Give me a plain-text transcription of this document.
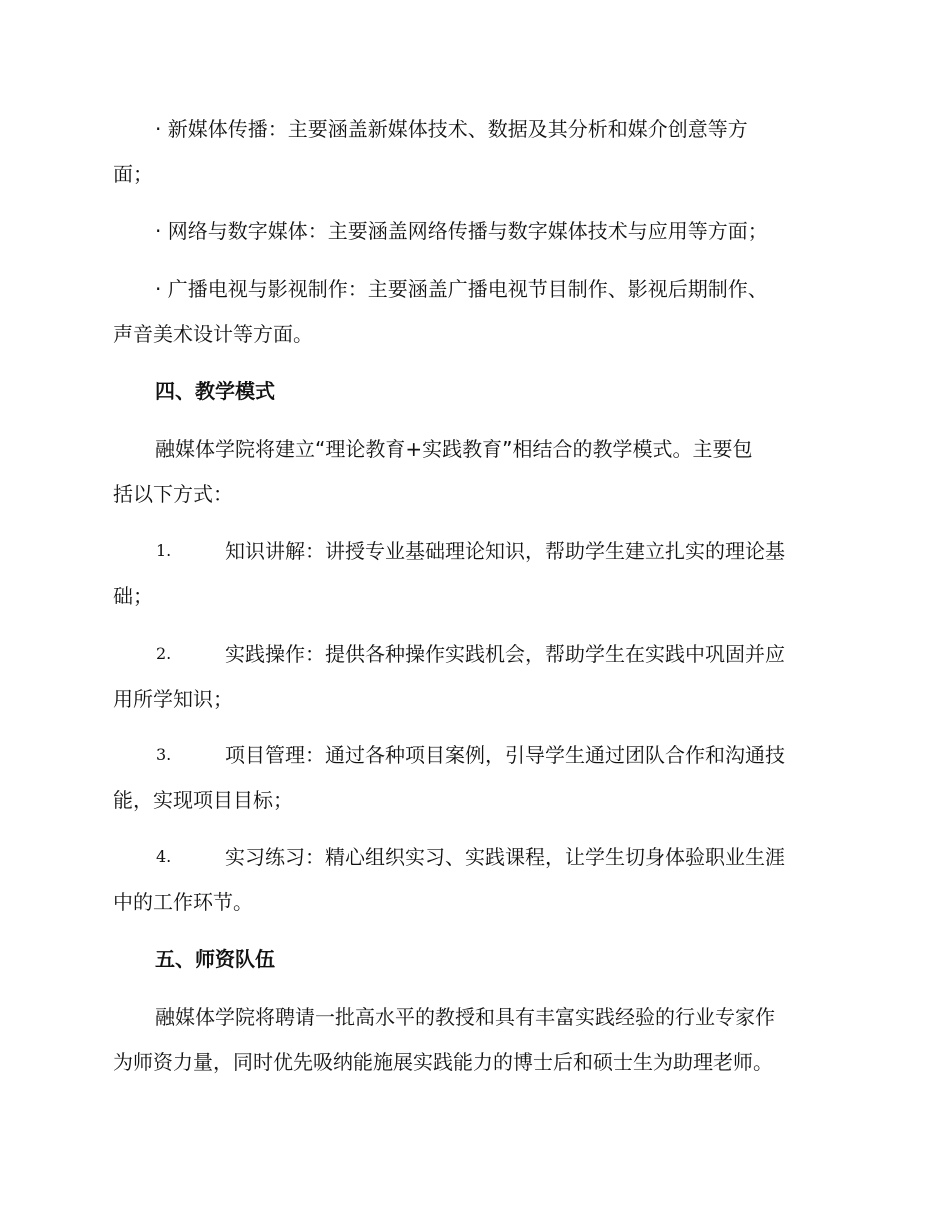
· 新媒体传播：主要涵盖新媒体技术、数据及其分析和媒介创意等方
面；
· 网络与数字媒体：主要涵盖网络传播与数字媒体技术与应用等方面；
· 广播电视与影视制作：主要涵盖广播电视节目制作、影视后期制作、
声音美术设计等方面。
四、教学模式
融媒体学院将建立“理论教育+实践教育”相结合的教学模式。主要包
括以下方式：
1.	知识讲解：讲授专业基础理论知识，帮助学生建立扎实的理论基
础；
2.	实践操作：提供各种操作实践机会，帮助学生在实践中巩固并应
用所学知识；
3.	项目管理：通过各种项目案例，引导学生通过团队合作和沟通技
能，实现项目目标；
4.	实习练习：精心组织实习、实践课程，让学生切身体验职业生涯
中的工作环节。
五、师资队伍
融媒体学院将聘请一批高水平的教授和具有丰富实践经验的行业专家作
为师资力量，同时优先吸纳能施展实践能力的博士后和硕士生为助理老师。
